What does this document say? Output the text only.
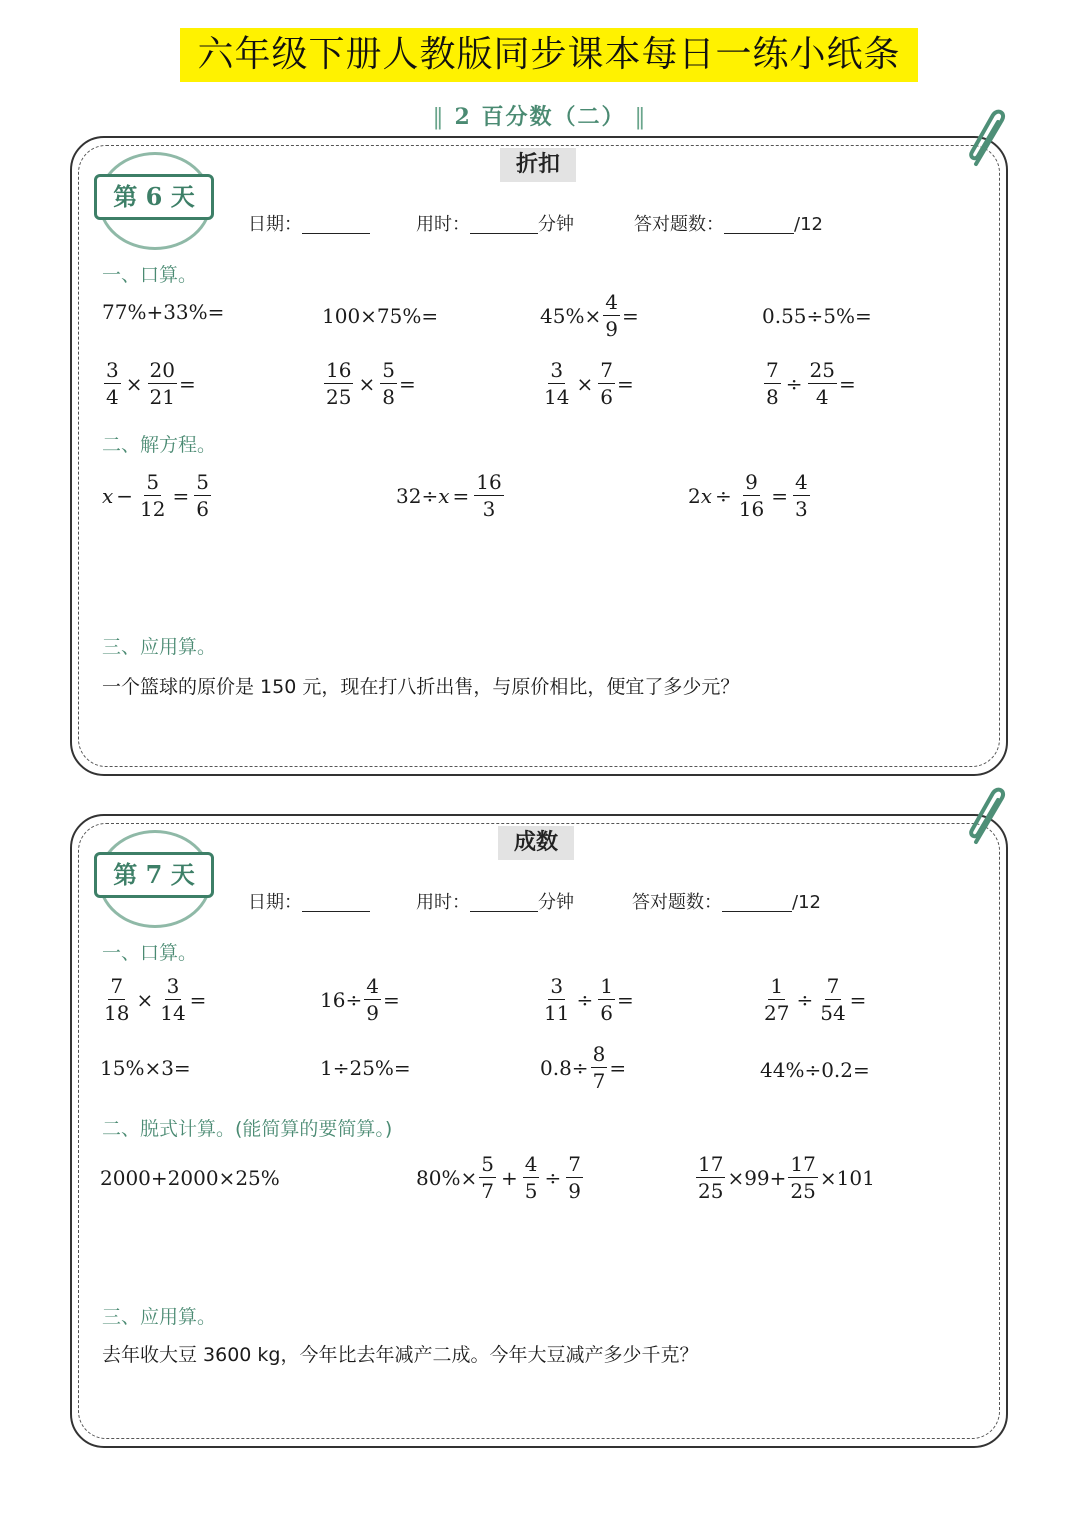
六年级下册人教版同步课本每日一练小纸条
‖ 2 百分数（二） ‖
折扣
第 6 天
日期：	用时：	分钟	答对题数：	/12
一、口算。
77%+33%=	100×75%=	$45\%\times \frac{4}{9}$ =	0.55÷5%=
$\frac{3}{4} \times \frac{20}{21}$ =	$\frac{16}{25} \times \frac{5}{8}$ =	$\frac{3}{14} \times \frac{7}{6}$ =	$\frac{7}{8} \div \frac{25}{4}$ =
二、解方程。
$x - \frac{5}{12} = \frac{5}{6}$	$32\div x = \frac{16}{3}$	2 $x \div \frac{9}{16} = \frac{4}{3}$
三、应用算。
一个篮球的原价是 150 元，现在打八折出售，与原价相比，便宜了多少元？
成数
第 7 天
日期：	用时：	分钟	答对题数：	/12
一、口算。
$\frac{7}{18} \times \frac{3}{14}$ =	$16\div \frac{4}{9}$ =	$\frac{3}{11} \div \frac{1}{6}$ =	$\frac{1}{27} \div \frac{7}{54}$ =
15%×3=	1÷25%=	$0.8\div \frac{8}{7}$ =	44%÷0.2=
二、脱式计算。(能简算的要简算。)
2000+2000×25%	$80\%\times \frac{5}{7} + \frac{4}{5} \div \frac{7}{9}$	$\frac{17}{25} \times 99+ \frac{17}{25} \times 101$
三、应用算。
去年收大豆 3600 kg，今年比去年减产二成。今年大豆减产多少千克？
